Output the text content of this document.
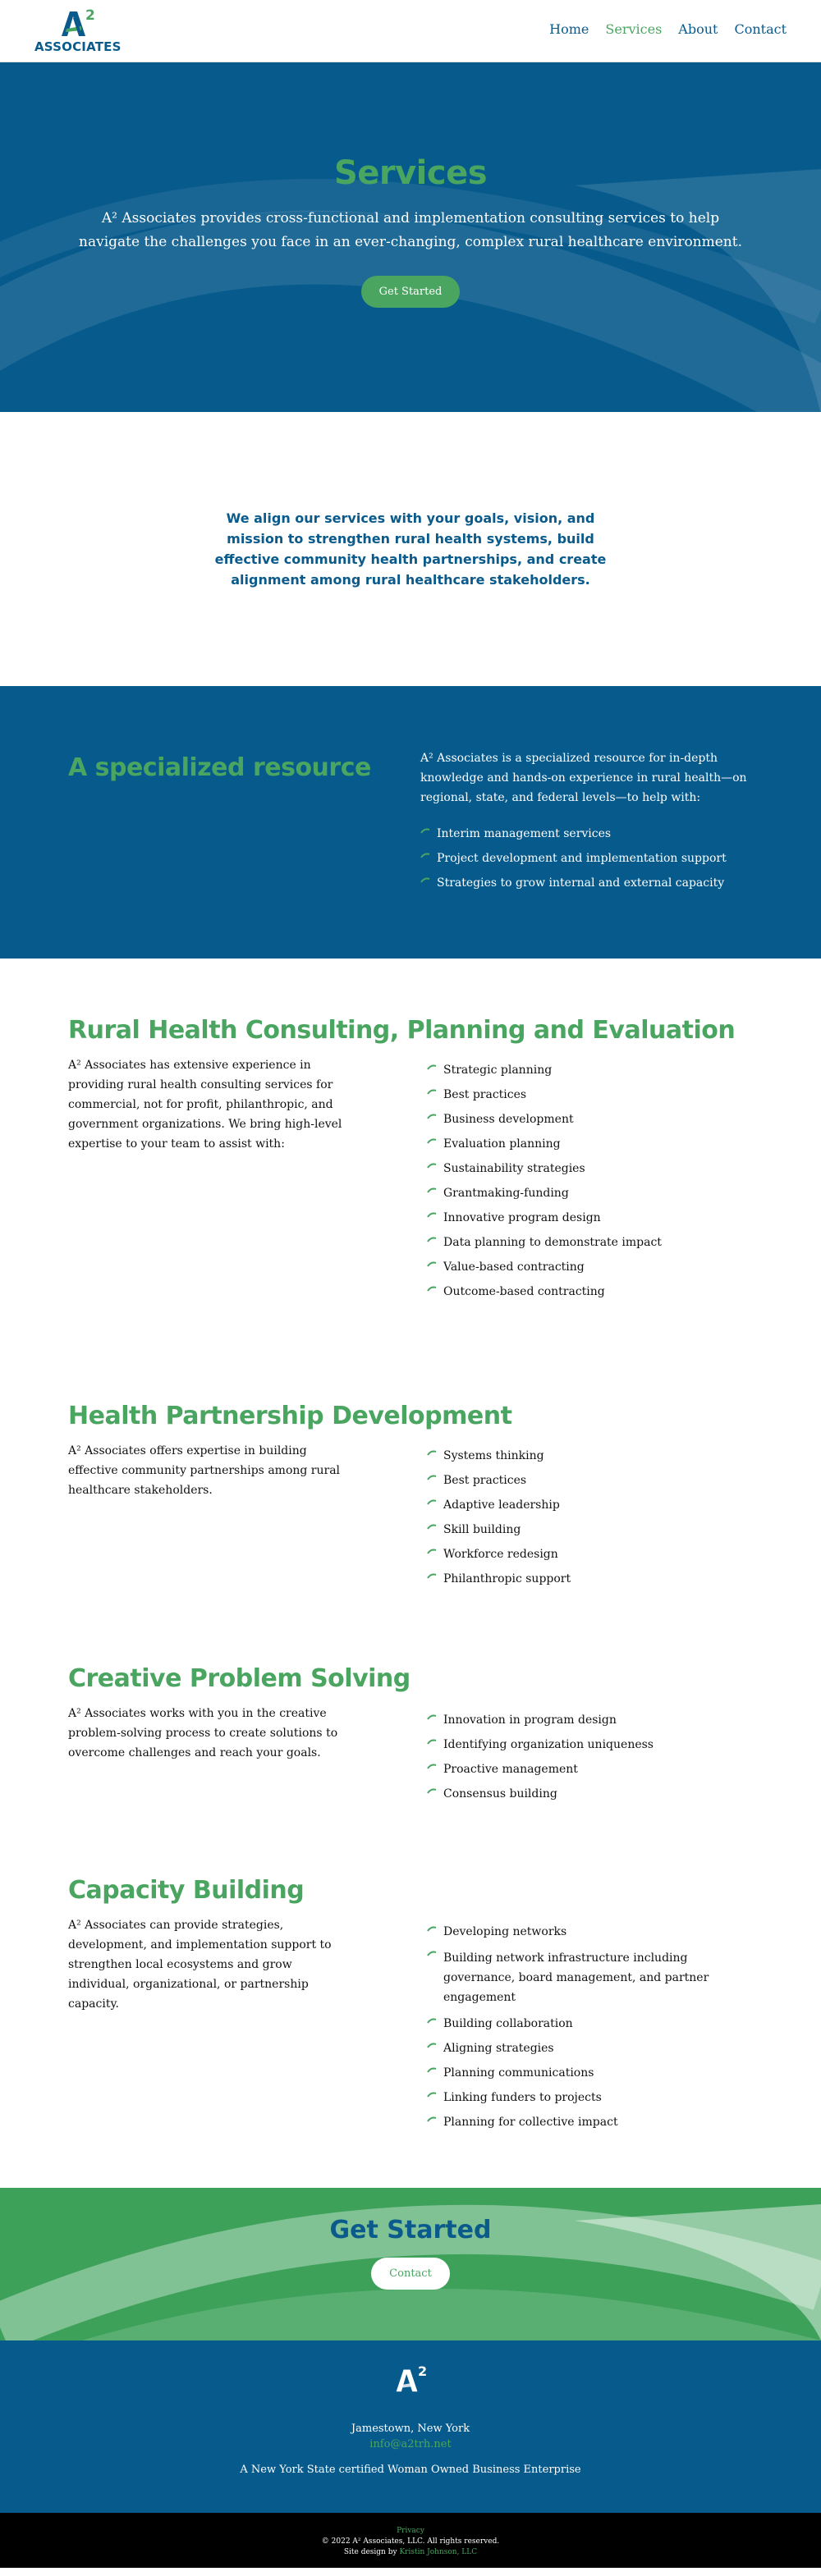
2
ASSOCIATES
Home Services About Contact
Services

A² Associates provides cross-functional and implementation consulting services to help navigate the challenges you face in an ever-changing, complex rural healthcare environment.

Get Started

We align our services with your goals, vision, and mission to strengthen rural health systems, build effective community health partnerships, and create alignment among rural healthcare stakeholders.

A specialized resource	A² Associates is a specialized resource for in-depth knowledge and hands-on experience in rural health—on regional, state, and federal levels—to help with:

Interim management services
Project development and implementation support
Strategies to grow internal and external capacity
Rural Health Consulting, Planning and Evaluation

A² Associates has extensive experience in providing rural health consulting services for commercial, not for profit, philanthropic, and government organizations. We bring high-level expertise to your team to assist with:

Strategic planning
Best practices
Business development
Evaluation planning
Sustainability strategies
Grantmaking-funding
Innovative program design
Data planning to demonstrate impact
Value-based contracting
Outcome-based contracting
Health Partnership Development

A² Associates offers expertise in building effective community partnerships among rural healthcare stakeholders.

Systems thinking
Best practices
Adaptive leadership
Skill building
Workforce redesign
Philanthropic support
Creative Problem Solving

A² Associates works with you in the creative problem-solving process to create solutions to overcome challenges and reach your goals.

Innovation in program design
Identifying organization uniqueness
Proactive management
Consensus building
Capacity Building

A² Associates can provide strategies, development, and implementation support to strengthen local ecosystems and grow individual, organizational, or partnership capacity.

Developing networks
Building network infrastructure including governance, board management, and partner engagement
Building collaboration
Aligning strategies
Planning communications
Linking funders to projects
Planning for collective impact
Get Started
Contact
2
Jamestown, New York
info@a2trh.net
A New York State certified Woman Owned Business Enterprise
Privacy
© 2022 A² Associates, LLC. All rights reserved.
Site design by Kristin Johnson, LLC
